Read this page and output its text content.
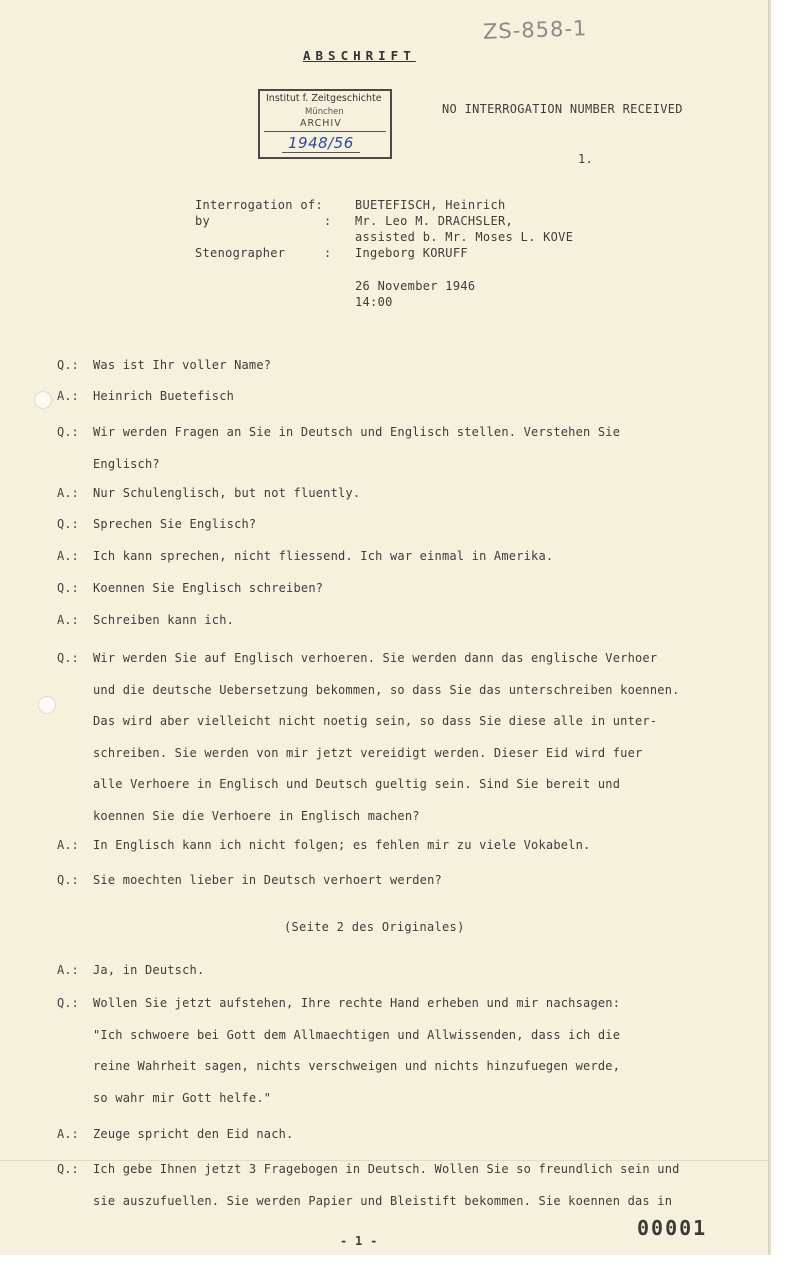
ZS-858-1
ABSCHRIFT
Institut f. Zeitgeschichte
München
ARCHIV
1948/56
NO INTERROGATION NUMBER RECEIVED
1.
Interrogation of:	BUETEFISCH, Heinrich
by	: Mr. Leo M. DRACHSLER,
assisted b. Mr. Moses L. KOVE
Stenographer	: Ingeborg KORUFF
26 November 1946
14:00
Q.: Was ist Ihr voller Name?
A.: Heinrich Buetefisch
Q.: Wir werden Fragen an Sie in Deutsch und Englisch stellen. Verstehen Sie
Englisch?
A.: Nur Schulenglisch, but not fluently.
Q.: Sprechen Sie Englisch?
A.: Ich kann sprechen, nicht fliessend. Ich war einmal in Amerika.
Q.: Koennen Sie Englisch schreiben?
A.: Schreiben kann ich.
Q.: Wir werden Sie auf Englisch verhoeren. Sie werden dann das englische Verhoer
und die deutsche Uebersetzung bekommen, so dass Sie das unterschreiben koennen.
Das wird aber vielleicht nicht noetig sein, so dass Sie diese alle in unter-
schreiben. Sie werden von mir jetzt vereidigt werden. Dieser Eid wird fuer
alle Verhoere in Englisch und Deutsch gueltig sein. Sind Sie bereit und
koennen Sie die Verhoere in Englisch machen?
A.: In Englisch kann ich nicht folgen; es fehlen mir zu viele Vokabeln.
Q.: Sie moechten lieber in Deutsch verhoert werden?
(Seite 2 des Originales)
A.: Ja, in Deutsch.
Q.: Wollen Sie jetzt aufstehen, Ihre rechte Hand erheben und mir nachsagen:
"Ich schwoere bei Gott dem Allmaechtigen und Allwissenden, dass ich die
reine Wahrheit sagen, nichts verschweigen und nichts hinzufuegen werde,
so wahr mir Gott helfe."
A.: Zeuge spricht den Eid nach.
Q.: Ich gebe Ihnen jetzt 3 Fragebogen in Deutsch. Wollen Sie so freundlich sein und
sie auszufuellen. Sie werden Papier und Bleistift bekommen. Sie koennen das in
- 1 -
00001
